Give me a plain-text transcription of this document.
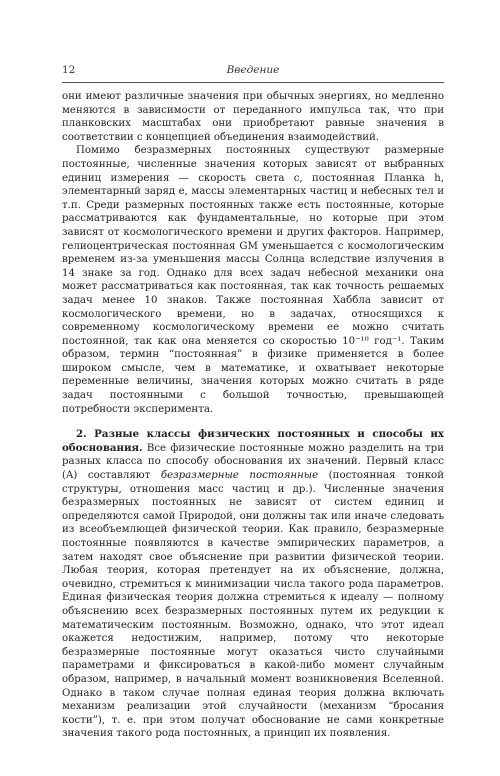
12	Введение

они имеют различные значения при обычных энергиях, но медленно меняются в зависимости от переданного импульса так, что при планковских масштабах они приобретают равные значения в соответствии с концепцией объединения взаимодействий.

Помимо безразмерных постоянных существуют размерные постоянные, численные значения которых зависят от выбранных единиц измерения — скорость света c, постоянная Планка h, элементарный заряд e, массы элементарных частиц и небесных тел и т.п. Среди размерных постоянных также есть постоянные, которые рассматриваются как фундаментальные, но которые при этом зависят от космологического времени и других факторов. Например, гелиоцентрическая постоянная GM уменьшается с космологическим временем из-за уменьшения массы Солнца вследствие излучения в 14 знаке за год. Однако для всех задач небесной механики она может рассматриваться как постоянная, так как точность решаемых задач менее 10 знаков. Также постоянная Хаббла зависит от космологического времени, но в задачах, относящихся к современному космологическому времени ее можно считать постоянной, так как она меняется со скоростью 10⁻¹⁰ год⁻¹. Таким образом, термин “постоянная” в физике применяется в более широком смысле, чем в математике, и охватывает некоторые переменные величины, значения которых можно считать в ряде задач постоянными с большой точностью, превышающей потребности эксперимента.

2. Разные классы физических постоянных и способы их обоснования. Все физические постоянные можно разделить на три разных класса по способу обоснования их значений. Первый класс (A) составляют безразмерные постоянные (постоянная тонкой структуры, отношения масс частиц и др.). Численные значения безразмерных постоянных не зависят от систем единиц и определяются самой Природой, они должны так или иначе следовать из всеобъемлющей физической теории. Как правило, безразмерные постоянные появляются в качестве эмпирических параметров, а затем находят свое объяснение при развитии физической теории. Любая теория, которая претендует на их объяснение, должна, очевидно, стремиться к минимизации числа такого рода параметров. Единая физическая теория должна стремиться к идеалу — полному объяснению всех безразмерных постоянных путем их редукции к математическим постоянным. Возможно, однако, что этот идеал окажется недостижим, например, потому что некоторые безразмерные постоянные могут оказаться чисто случайными параметрами и фиксироваться в какой-либо момент случайным образом, например, в начальный момент возникновения Вселенной. Однако в таком случае полная единая теория должна включать механизм реализации этой случайности (механизм “бросания кости”), т. е. при этом получат обоснование не сами конкретные значения такого рода постоянных, а принцип их появления.
